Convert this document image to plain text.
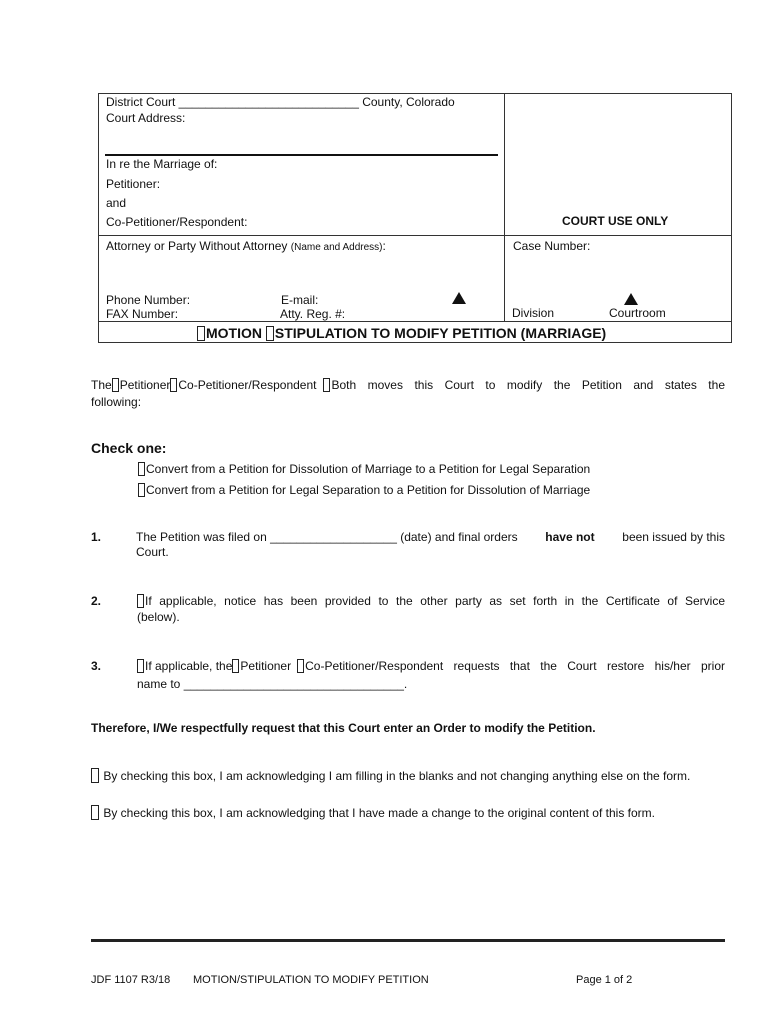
District Court ___________________________ County, Colorado
Court Address:
In re the Marriage of:
Petitioner:
and
Co-Petitioner/Respondent:	COURT USE ONLY
Attorney or Party Without Attorney (Name and Address):	Case Number:
Phone Number:	E-mail:
FAX Number:	Atty. Reg. #:	Division	Courtroom
MOTION STIPULATION TO MODIFY PETITION (MARRIAGE)
The Petitioner Co-Petitioner/Respondent	Both moves this Court to modify the Petition and states the
following:
Check one:
Convert from a Petition for Dissolution of Marriage to a Petition for Legal Separation
Convert from a Petition for Legal Separation to a Petition for Dissolution of Marriage
1.	The Petition was filed on ___________________ (date) and final orders have not been issued by this
Court.
2.	If applicable, notice has been provided to the other party as set forth in the Certificate of Service
(below).
3.	If applicable, the Petitioner	Co-Petitioner/Respondent requests that the Court restore his/her prior
name to _________________________________.
Therefore, I/We respectfully request that this Court enter an Order to modify the Petition.
By checking this box, I am acknowledging I am filling in the blanks and not changing anything else on the form.
By checking this box, I am acknowledging that I have made a change to the original content of this form.
JDF 1107 R3/18 MOTION/STIPULATION TO MODIFY PETITION	Page 1 of 2
